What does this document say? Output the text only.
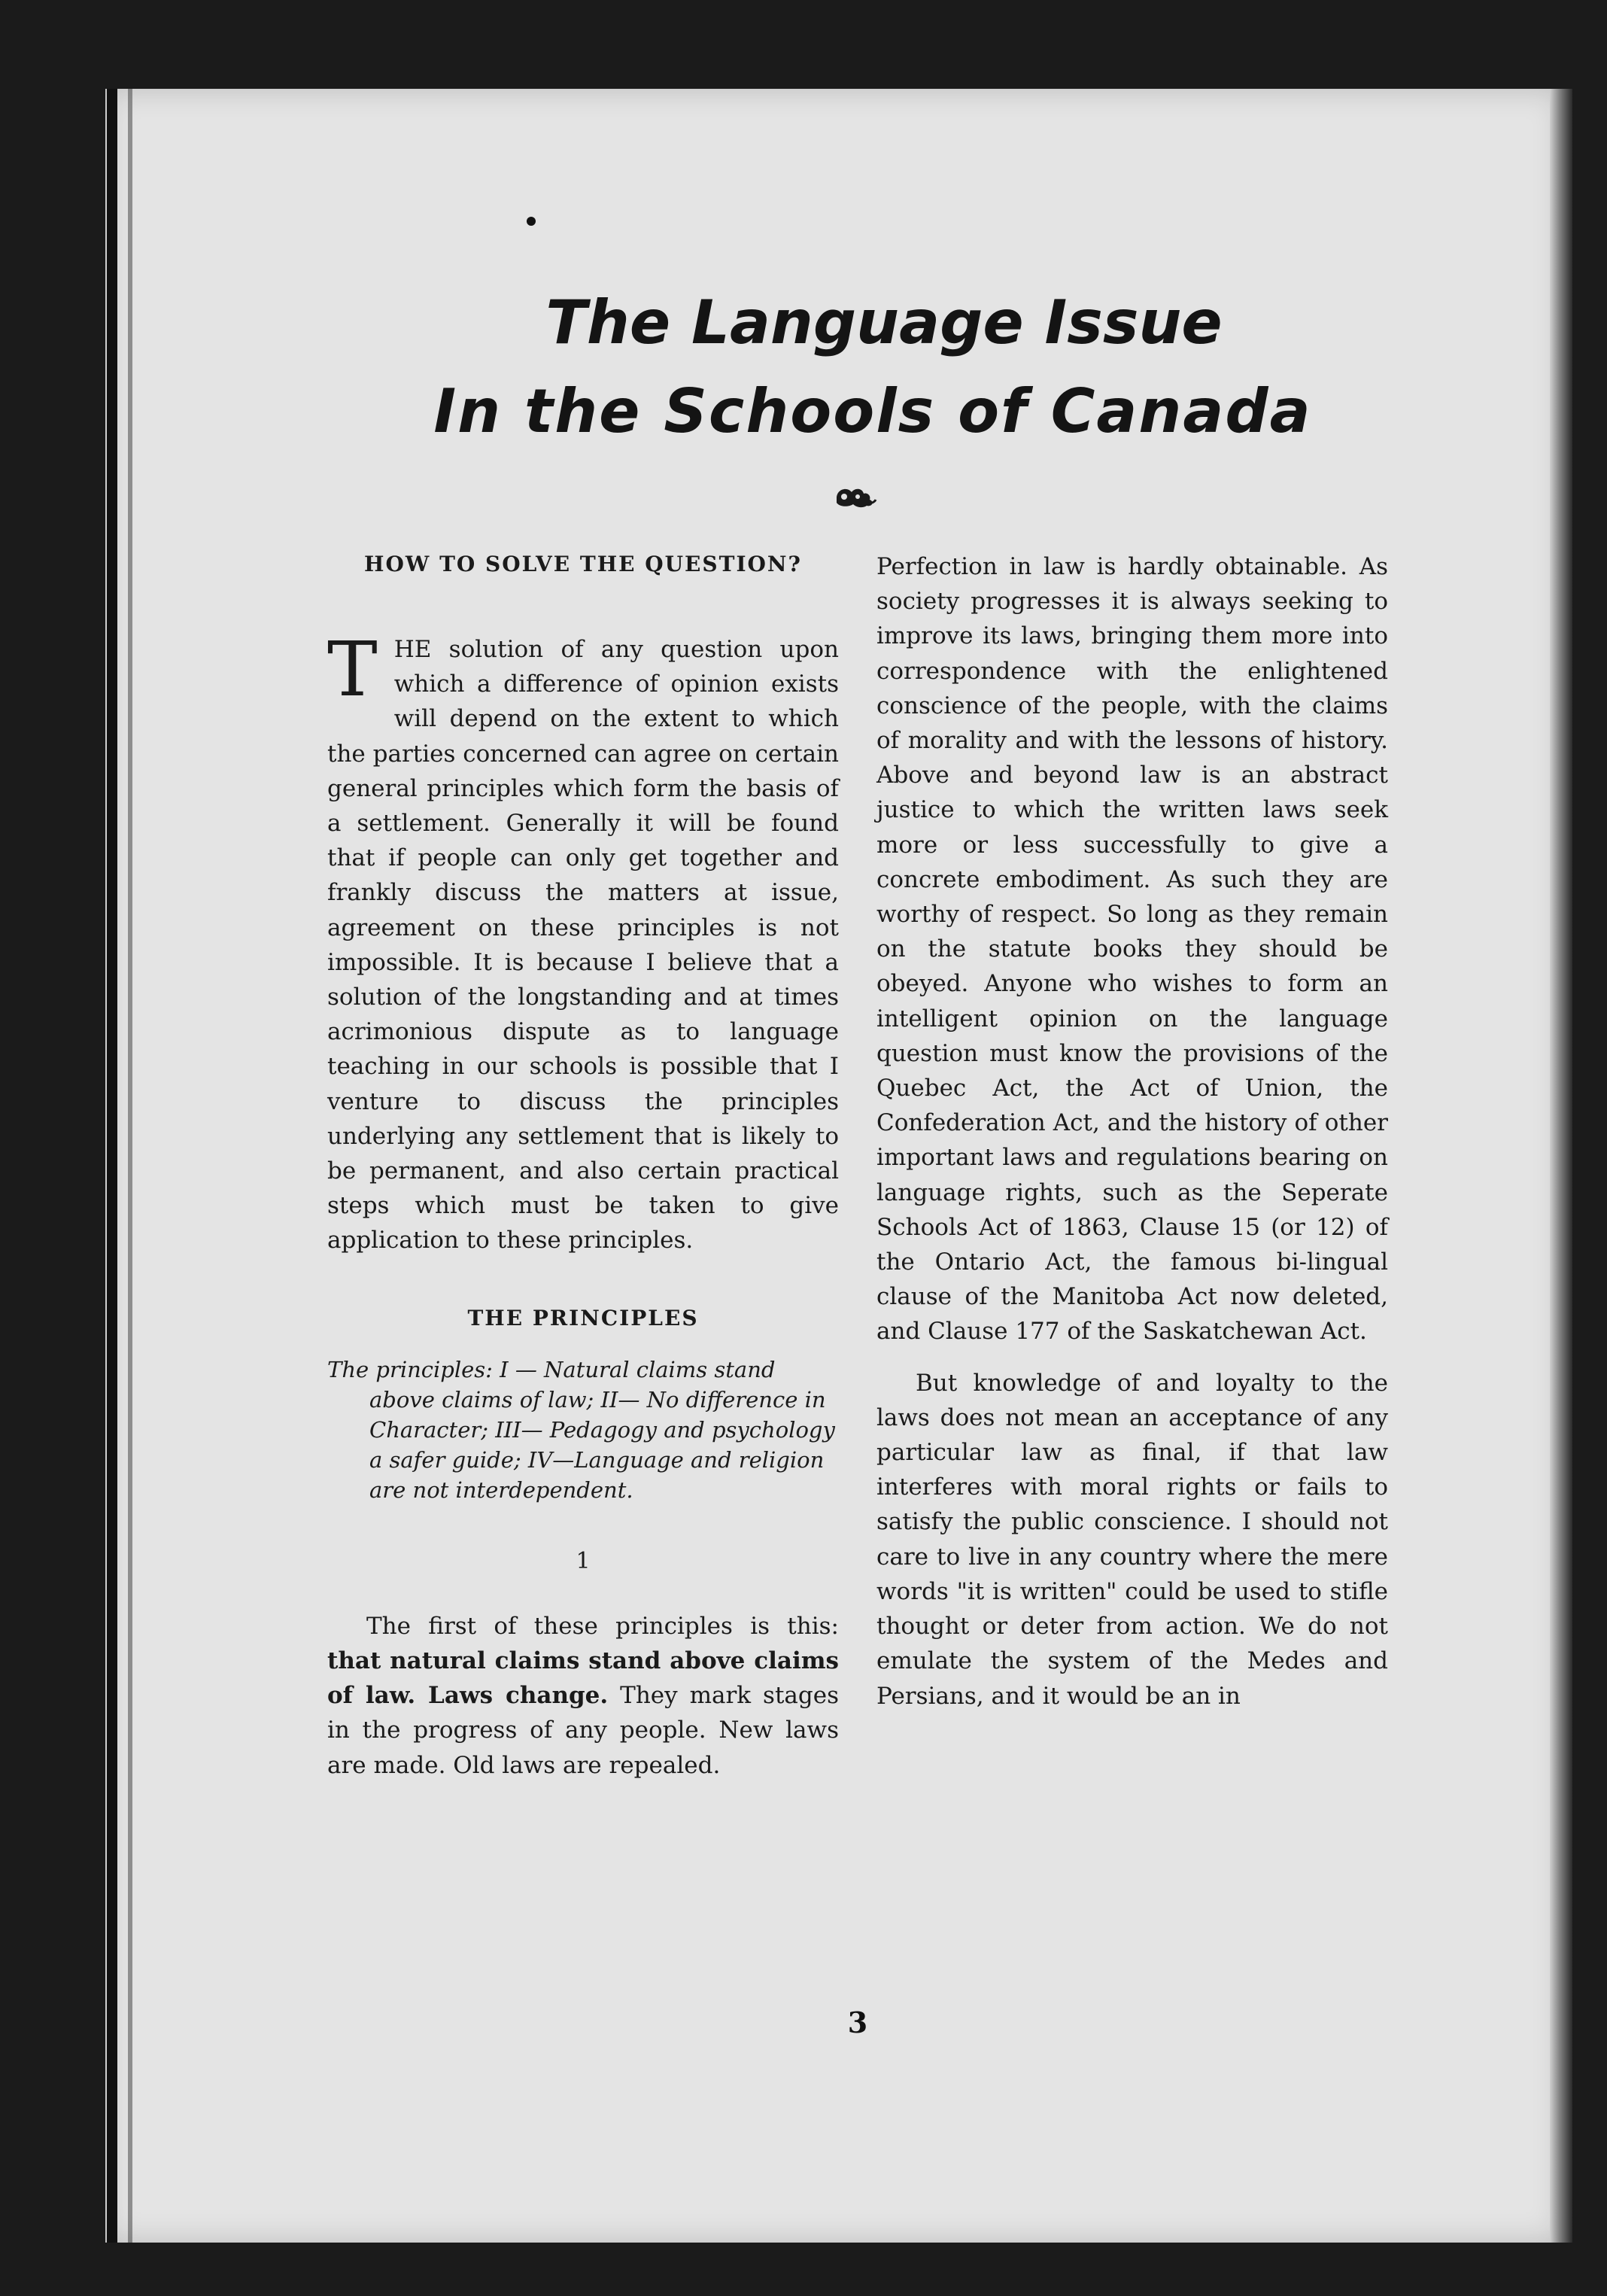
The Language Issue
In the Schools of Canada

HOW TO SOLVE THE QUESTION?

THE solution of any question upon which a difference of opinion exists will depend on the extent to which the parties concerned can agree on certain general principles which form the basis of a settlement. Generally it will be found that if people can only get together and frankly discuss the matters at issue, agreement on these principles is not impossible. It is because I believe that a solution of the longstanding and at times acrimonious dispute as to language teaching in our schools is possible that I venture to discuss the principles underlying any settlement that is likely to be permanent, and also certain practical steps which must be taken to give application to these principles.

THE PRINCIPLES

The principles: I — Natural claims stand above claims of law; II— No difference in Character; III— Pedagogy and psychology a safer guide; IV—Language and religion are not interdependent.

1

The first of these principles is this: that natural claims stand above claims of law. Laws change. They mark stages in the progress of any people. New laws are made. Old laws are repealed.

Perfection in law is hardly obtainable. As society progresses it is always seeking to improve its laws, bringing them more into correspondence with the enlightened conscience of the people, with the claims of morality and with the lessons of history. Above and beyond law is an abstract justice to which the written laws seek more or less successfully to give a concrete embodiment. As such they are worthy of respect. So long as they remain on the statute books they should be obeyed. Anyone who wishes to form an intelligent opinion on the language question must know the provisions of the Quebec Act, the Act of Union, the Confederation Act, and the history of other important laws and regulations bearing on language rights, such as the Seperate Schools Act of 1863, Clause 15 (or 12) of the Ontario Act, the famous bi-lingual clause of the Manitoba Act now deleted, and Clause 177 of the Saskatchewan Act.

But knowledge of and loyalty to the laws does not mean an acceptance of any particular law as final, if that law interferes with moral rights or fails to satisfy the public conscience. I should not care to live in any country where the mere words "it is written" could be used to stifle thought or deter from action. We do not emulate the system of the Medes and Persians, and it would be an in

3
